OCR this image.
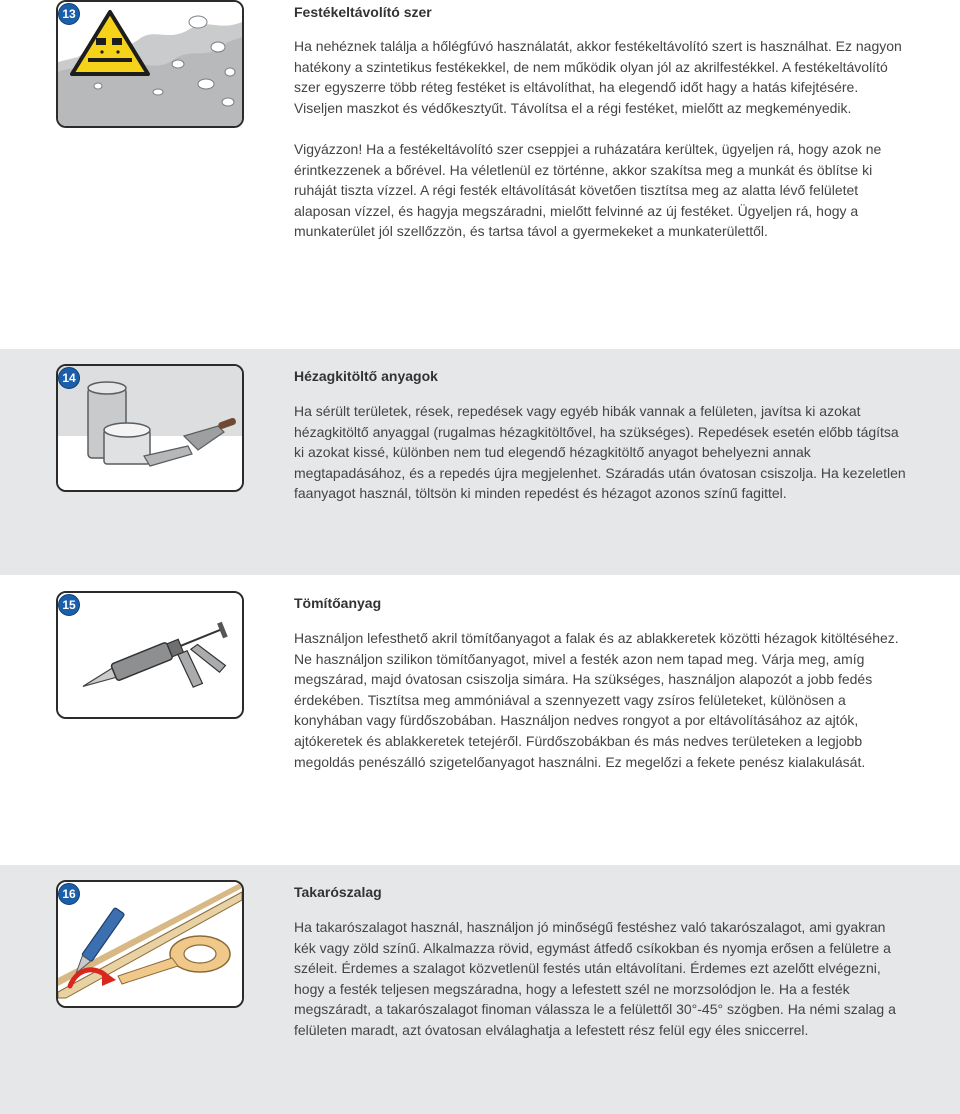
13	Festékeltávolító szer

Ha nehéznek találja a hőlégfúvó használatát, akkor festékeltávolító szert is használhat. Ez nagyon hatékony a szintetikus festékekkel, de nem működik olyan jól az akrilfestékkel. A festékeltávolító szer egyszerre több réteg festéket is eltávolíthat, ha elegendő időt hagy a hatás kifejtésére. Viseljen maszkot és védőkesztyűt. Távolítsa el a régi festéket, mielőtt az megkeményedik.

Vigyázzon! Ha a festékeltávolító szer cseppjei a ruházatára kerültek, ügyeljen rá, hogy azok ne érintkezzenek a bőrével. Ha véletlenül ez történne, akkor szakítsa meg a munkát és öblítse ki ruháját tiszta vízzel. A régi festék eltávolítását követően tisztítsa meg az alatta lévő felületet alaposan vízzel, és hagyja megszáradni, mielőtt felvinné az új festéket. Ügyeljen rá, hogy a munkaterület jól szellőzzön, és tartsa távol a gyermekeket a munkaterülettől.

14	Hézagkitöltő anyagok

Ha sérült területek, rések, repedések vagy egyéb hibák vannak a felületen, javítsa ki azokat hézagkitöltő anyaggal (rugalmas hézagkitöltővel, ha szükséges). Repedések esetén előbb tágítsa ki azokat kissé, különben nem tud elegendő hézagkitöltő anyagot behelyezni annak megtapadásához, és a repedés újra megjelenhet. Száradás után óvatosan csiszolja. Ha kezeletlen faanyagot használ, töltsön ki minden repedést és hézagot azonos színű fagittel.

15	Tömítőanyag

Használjon lefesthető akril tömítőanyagot a falak és az ablakkeretek közötti hézagok kitöltéséhez. Ne használjon szilikon tömítőanyagot, mivel a festék azon nem tapad meg. Várja meg, amíg megszárad, majd óvatosan csiszolja simára. Ha szükséges, használjon alapozót a jobb fedés érdekében. Tisztítsa meg ammóniával a szennyezett vagy zsíros felületeket, különösen a konyhában vagy fürdőszobában. Használjon nedves rongyot a por eltávolításához az ajtók, ajtókeretek és ablakkeretek tetejéről. Fürdőszobákban és más nedves területeken a legjobb megoldás penészálló szigetelőanyagot használni. Ez megelőzi a fekete penész kialakulását.

16	Takarószalag

Ha takarószalagot használ, használjon jó minőségű festéshez való takarószalagot, ami gyakran kék vagy zöld színű. Alkalmazza rövid, egymást átfedő csíkokban és nyomja erősen a felületre a széleit. Érdemes a szalagot közvetlenül festés után eltávolítani. Érdemes ezt azelőtt elvégezni, hogy a festék teljesen megszáradna, hogy a lefestett szél ne morzsolódjon le. Ha a festék megszáradt, a takarószalagot finoman válassza le a felülettől 30°-45° szögben. Ha némi szalag a felületen maradt, azt óvatosan elválaghatja a lefestett rész felül egy éles sniccerrel.
